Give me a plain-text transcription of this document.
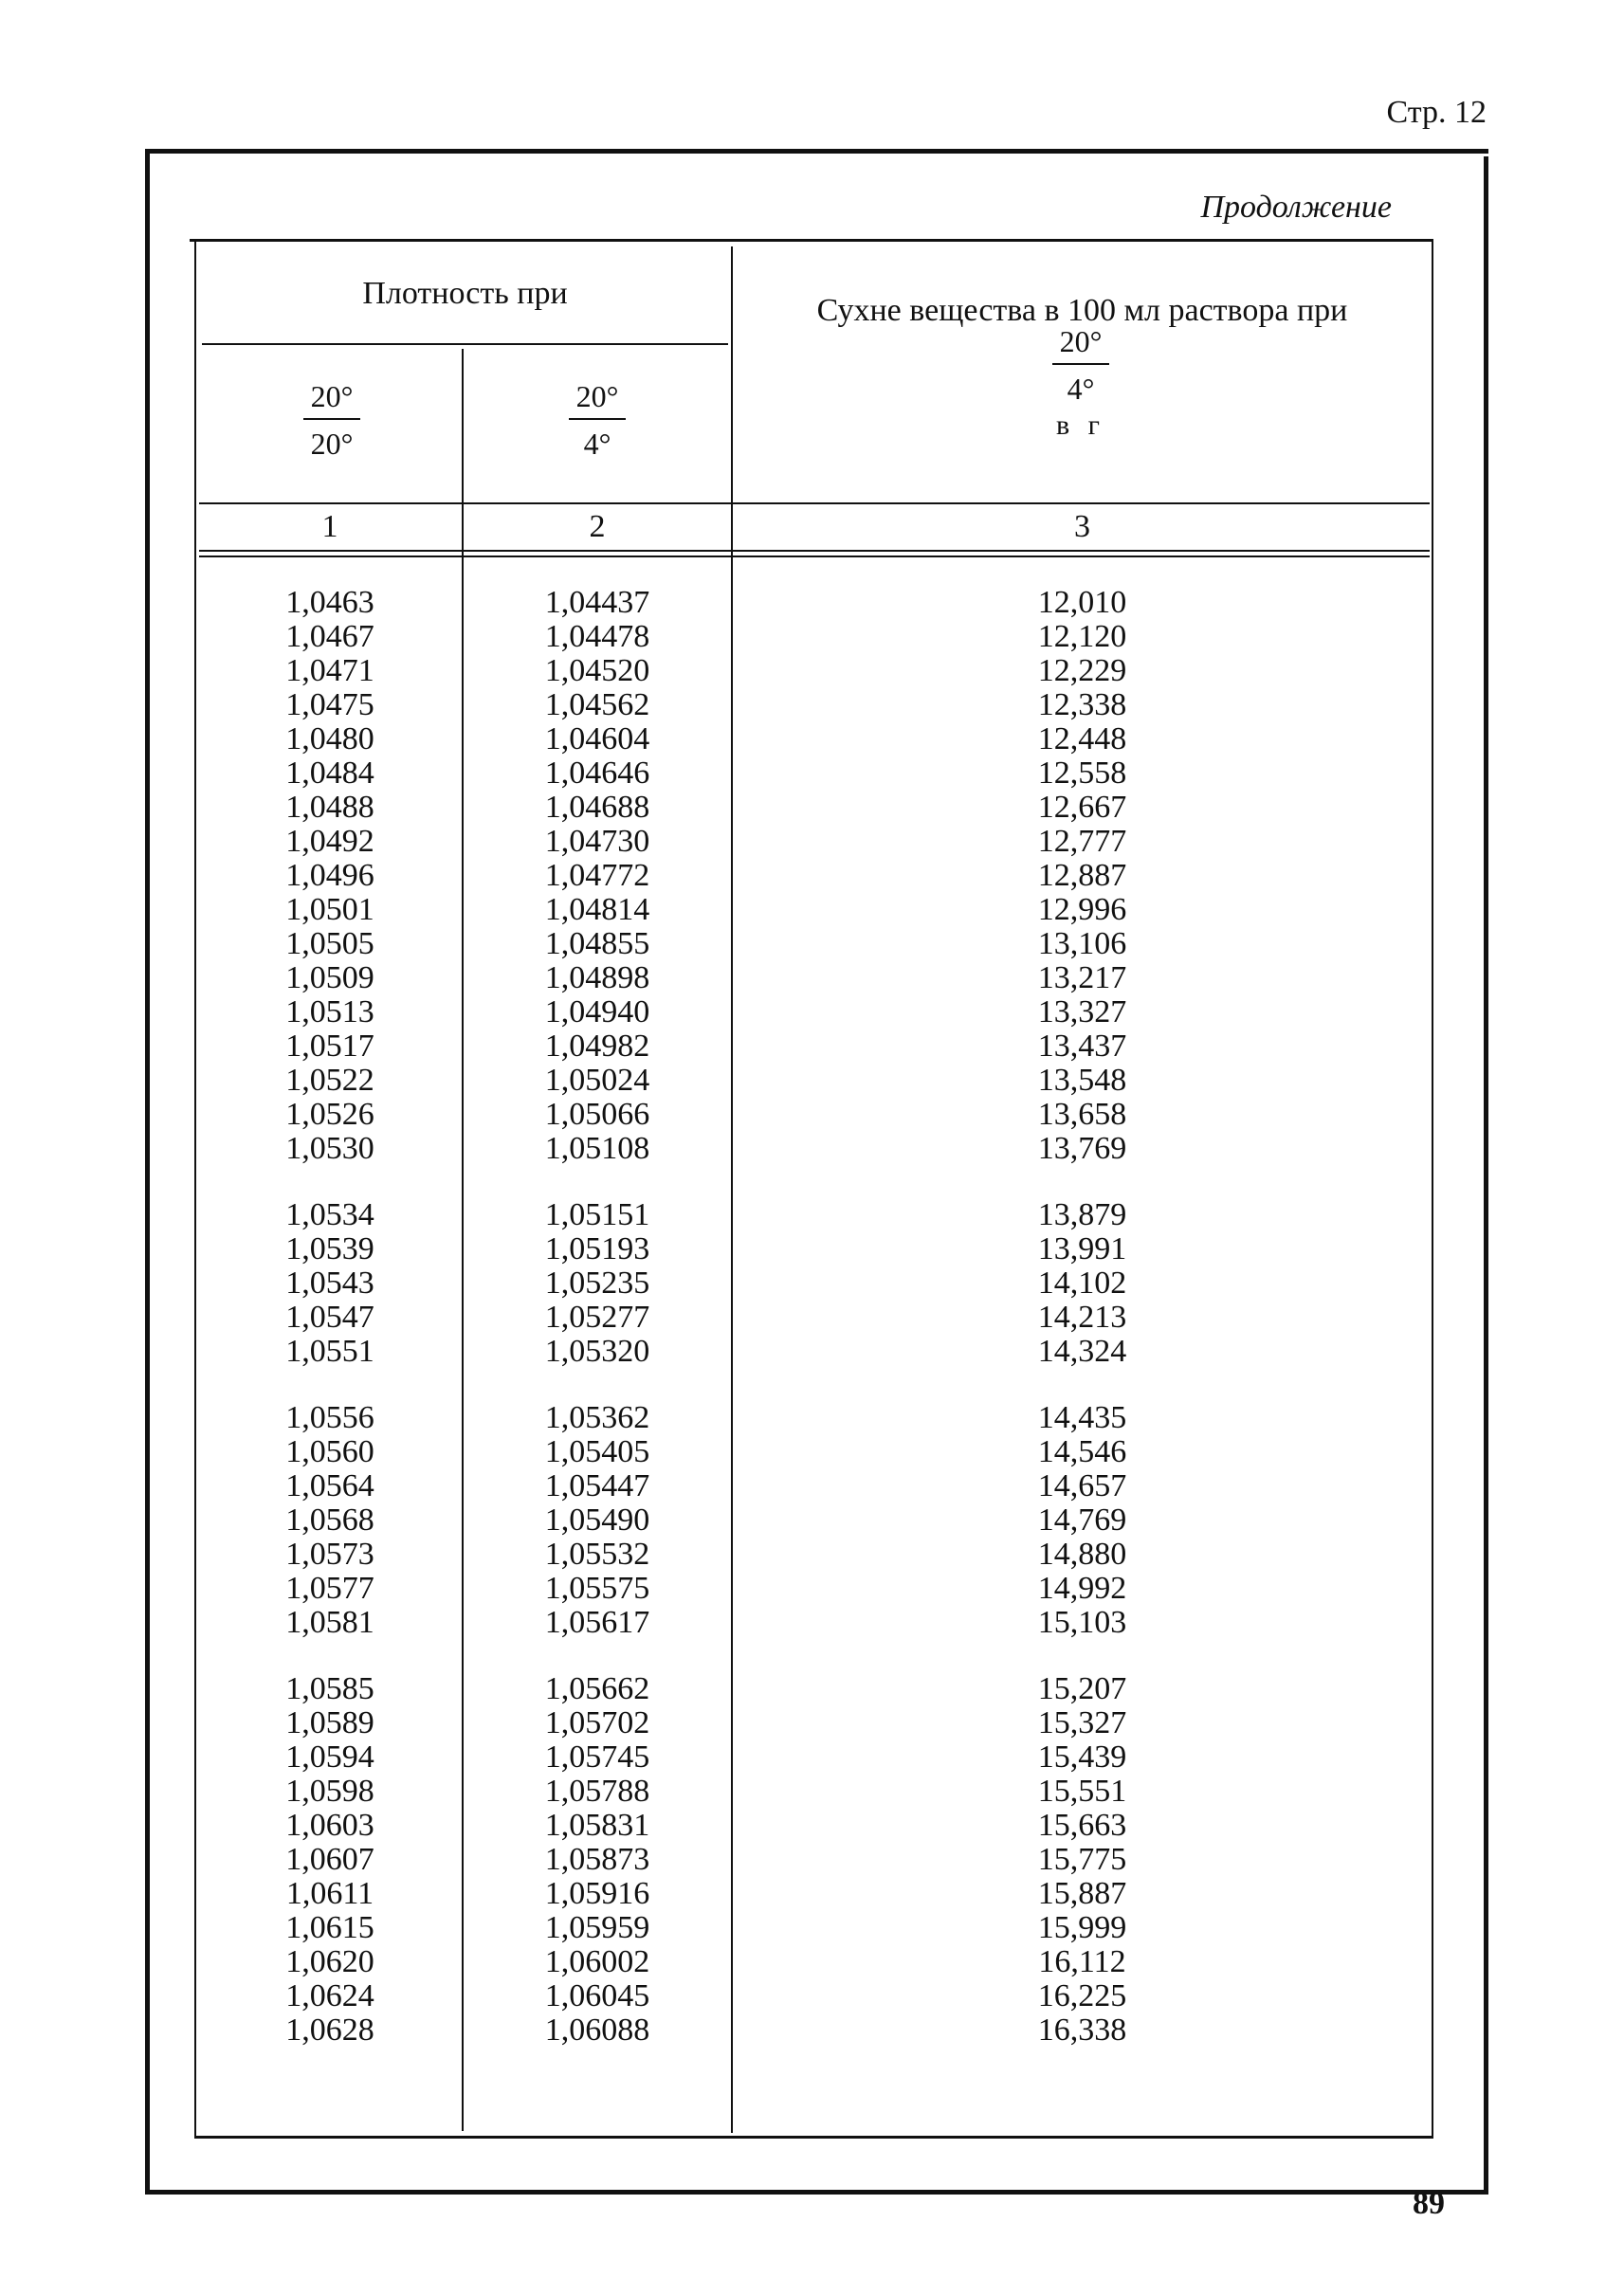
Стр. 12
Продолжение
Плотность при
20°
20°
20°
4°
Сухне вещества в 100 мл раствора при
20°
4°
в г
1	2	3
1,0463
1,0467
1,0471
1,0475
1,0480
1,0484
1,0488
1,0492
1,0496
1,0501
1,0505
1,0509
1,0513
1,0517
1,0522
1,0526
1,0530
1,0534
1,0539
1,0543
1,0547
1,0551
1,0556
1,0560
1,0564
1,0568
1,0573
1,0577
1,0581
1,0585
1,0589
1,0594
1,0598
1,0603
1,0607
1,0611
1,0615
1,0620
1,0624
1,0628
1,04437
1,04478
1,04520
1,04562
1,04604
1,04646
1,04688
1,04730
1,04772
1,04814
1,04855
1,04898
1,04940
1,04982
1,05024
1,05066
1,05108
1,05151
1,05193
1,05235
1,05277
1,05320
1,05362
1,05405
1,05447
1,05490
1,05532
1,05575
1,05617
1,05662
1,05702
1,05745
1,05788
1,05831
1,05873
1,05916
1,05959
1,06002
1,06045
1,06088
12,010
12,120
12,229
12,338
12,448
12,558
12,667
12,777
12,887
12,996
13,106
13,217
13,327
13,437
13,548
13,658
13,769
13,879
13,991
14,102
14,213
14,324
14,435
14,546
14,657
14,769
14,880
14,992
15,103
15,207
15,327
15,439
15,551
15,663
15,775
15,887
15,999
16,112
16,225
16,338
89
